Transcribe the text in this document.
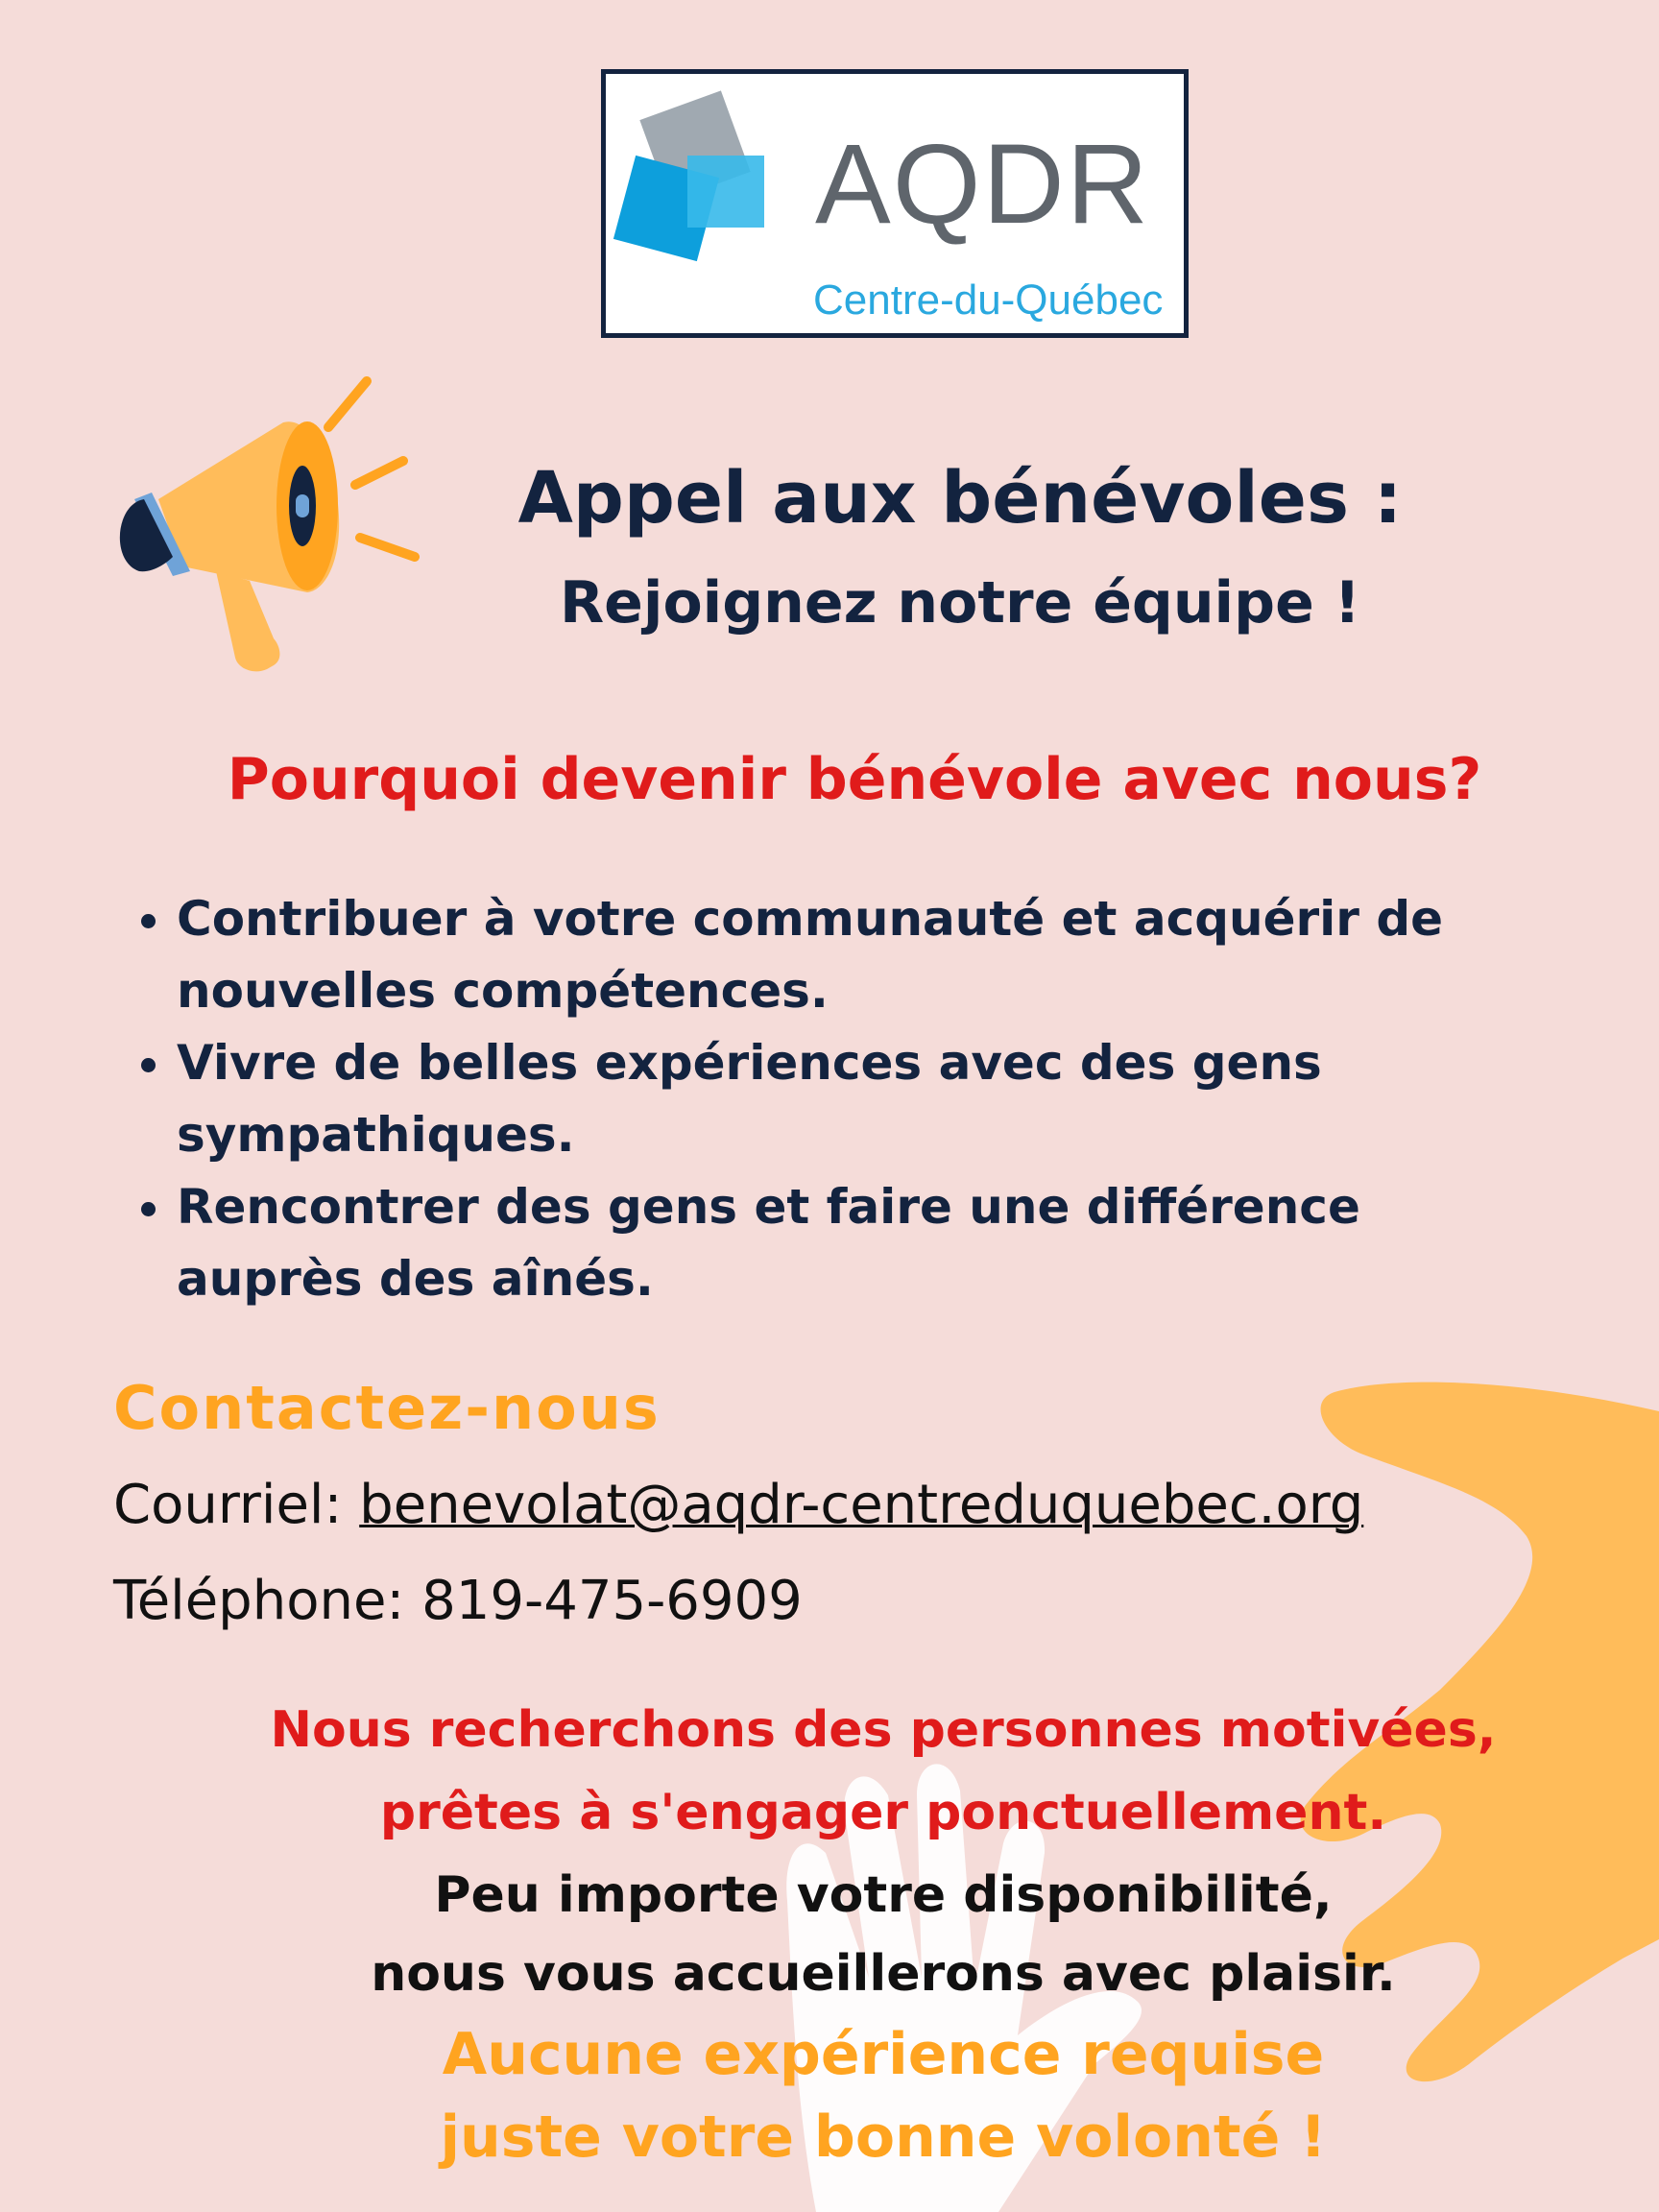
AQDR
Centre-du-Québec
Appel aux bénévoles :
Rejoignez notre équipe !
Pourquoi devenir bénévole avec nous?
• Contribuer à votre communauté et acquérir de nouvelles compétences.
• Vivre de belles expériences avec des gens sympathiques.
• Rencontrer des gens et faire une différence auprès des aînés.
Contactez-nous
Courriel: benevolat@aqdr-centreduquebec.org
Téléphone: 819-475-6909
Nous recherchons des personnes motivées,
prêtes à s'engager ponctuellement.
Peu importe votre disponibilité,
nous vous accueillerons avec plaisir.
Aucune expérience requise
juste votre bonne volonté !
